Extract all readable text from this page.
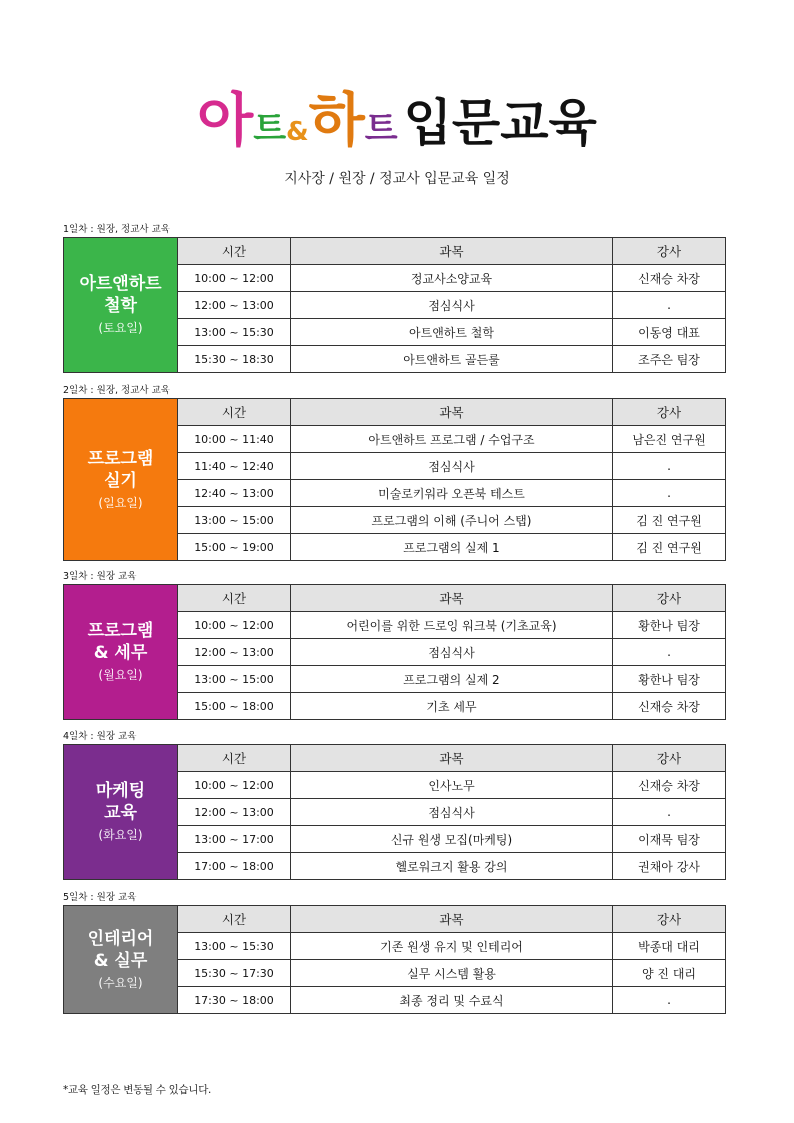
아트&하트 입문교육
지사장 / 원장 / 정교사 입문교육 일정
1일차 : 원장, 정교사 교육
아트앤하트
철학
(토요일)
시간	과목	강사
10:00 ~ 12:00	정교사소양교육	신재승 차장
12:00 ~ 13:00	점심식사	.
13:00 ~ 15:30	아트앤하트 철학	이동영 대표
15:30 ~ 18:30	아트앤하트 골든룰	조주은 팀장
2일차 : 원장, 정교사 교육
프로그램
실기
(일요일)
시간	과목	강사
10:00 ~ 11:40	아트앤하트 프로그램 / 수업구조	남은진 연구원
11:40 ~ 12:40	점심식사	.
12:40 ~ 13:00	미술로키워라 오픈북 테스트	.
13:00 ~ 15:00	프로그램의 이해 (주니어 스탭)	김 진 연구원
15:00 ~ 19:00	프로그램의 실제 1	김 진 연구원
3일차 : 원장 교육
프로그램
& 세무
(월요일)
시간	과목	강사
10:00 ~ 12:00	어린이를 위한 드로잉 워크북 (기초교육)	황한나 팀장
12:00 ~ 13:00	점심식사	.
13:00 ~ 15:00	프로그램의 실제 2	황한나 팀장
15:00 ~ 18:00	기초 세무	신재승 차장
4일차 : 원장 교육
마케팅
교육
(화요일)
시간	과목	강사
10:00 ~ 12:00	인사노무	신재승 차장
12:00 ~ 13:00	점심식사	.
13:00 ~ 17:00	신규 원생 모집(마케팅)	이재묵 팀장
17:00 ~ 18:00	헬로워크지 활용 강의	권채아 강사
5일차 : 원장 교육
인테리어
& 실무
(수요일)
시간	과목	강사
13:00 ~ 15:30	기존 원생 유지 및 인테리어	박종대 대리
15:30 ~ 17:30	실무 시스템 활용	양 진 대리
17:30 ~ 18:00	최종 정리 및 수료식	.
*교육 일정은 변동될 수 있습니다.
